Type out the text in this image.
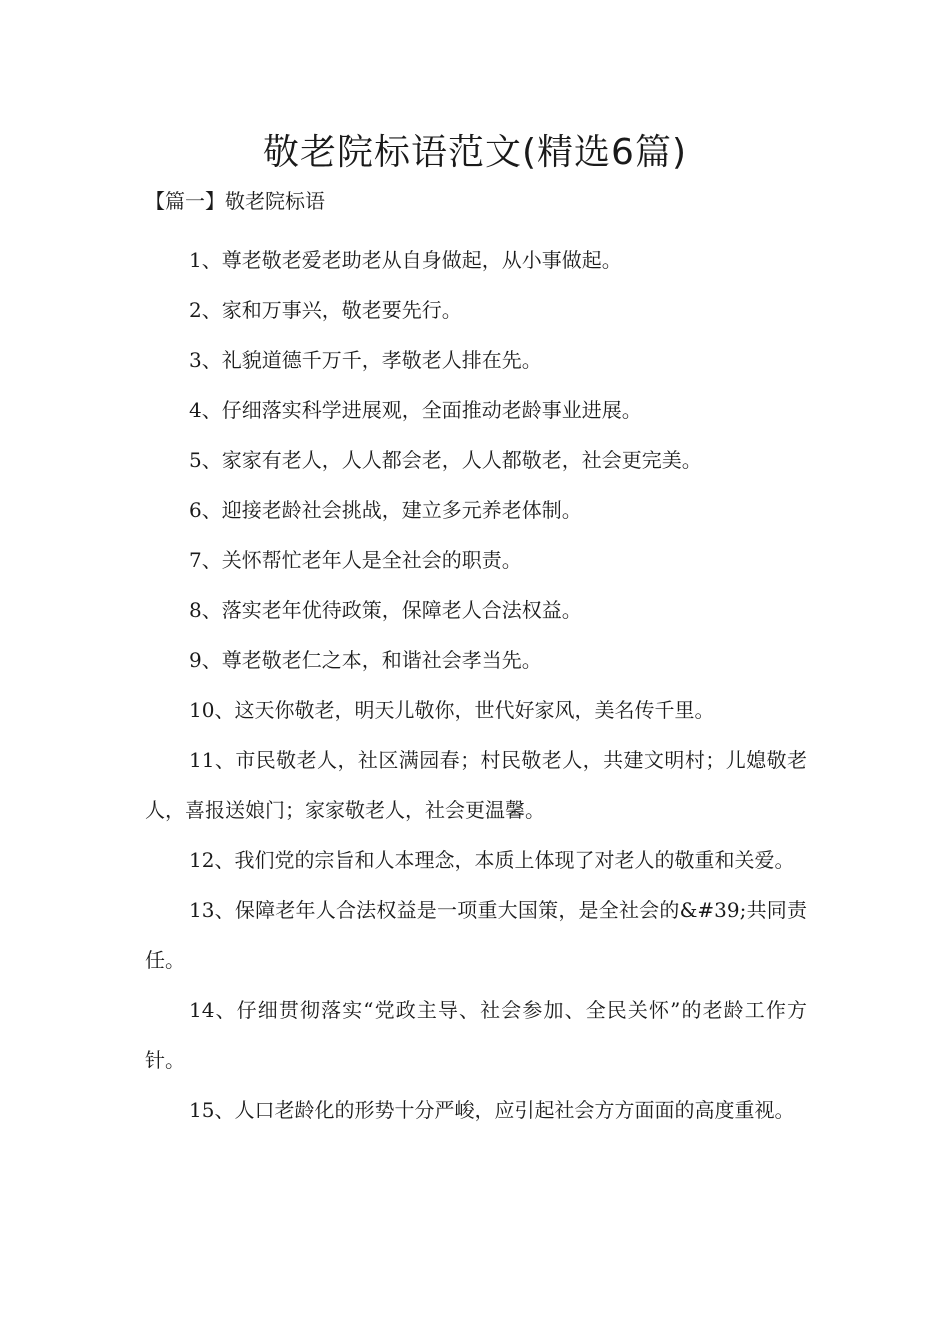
敬老院标语范文(精选6篇)
【篇一】敬老院标语
1、尊老敬老爱老助老从自身做起，从小事做起。
2、家和万事兴，敬老要先行。
3、礼貌道德千万千，孝敬老人排在先。
4、仔细落实科学进展观，全面推动老龄事业进展。
5、家家有老人，人人都会老，人人都敬老，社会更完美。
6、迎接老龄社会挑战，建立多元养老体制。
7、关怀帮忙老年人是全社会的职责。
8、落实老年优待政策，保障老人合法权益。
9、尊老敬老仁之本，和谐社会孝当先。
10、这天你敬老，明天儿敬你，世代好家风，美名传千里。
11、市民敬老人，社区满园春；村民敬老人，共建文明村；儿媳敬老人，喜报送娘门；家家敬老人，社会更温馨。
12、我们党的宗旨和人本理念，本质上体现了对老人的敬重和关爱。
13、保障老年人合法权益是一项重大国策，是全社会的&#39;共同责任。
14、仔细贯彻落实“党政主导、社会参加、全民关怀”的老龄工作方针。
15、人口老龄化的形势十分严峻，应引起社会方方面面的高度重视。
